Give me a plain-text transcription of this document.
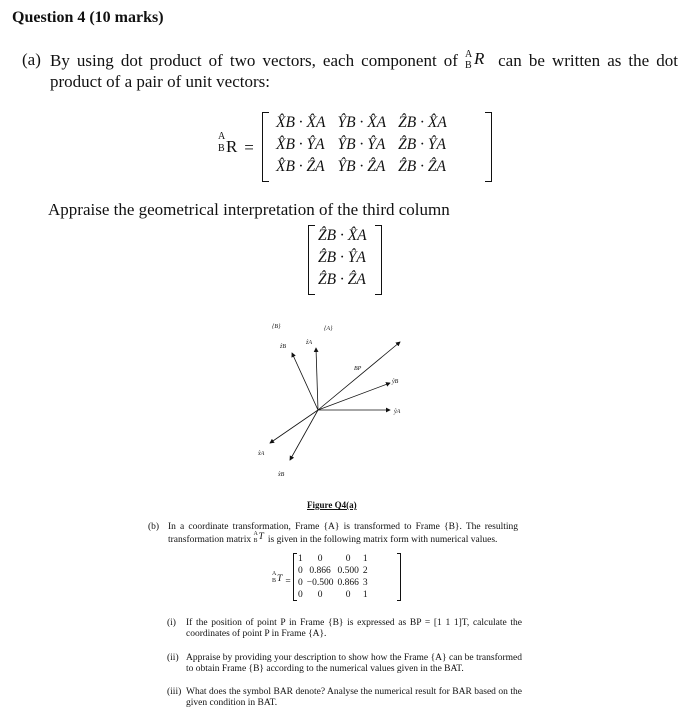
Question 4 (10 marks)
(a) By using dot product of two vectors, each component of A
B R can be written as the dot product of a pair of unit vectors:
A
B R =
X̂B · X̂A	ŶB · X̂A	ẐB · X̂A
X̂B · ŶA	ŶB · ŶA	ẐB · ŶA
X̂B · ẐA	ŶB · ẐA	ẐB · ẐA
Appraise the geometrical interpretation of the third column
ẐB · X̂A
ẐB · ŶA
ẐB · ẐA
{B}	{A}
ẑB
ẑA
BP
ŷB
ŷA
x̂A
x̂B
Figure Q4(a)
(b) In a coordinate transformation, Frame {A} is transformed to Frame {B}. The resulting transformation matrix
A
B T is given in the following matrix form with numerical values.
A
B T =
1	0	0	1
0	0.866	0.500	2
0	−0.500	0.866	3
0	0	0	1
(i) If the position of point P in Frame {B} is expressed as BP = [1 1 1]T, calculate the coordinates of point P in Frame {A}.
(ii) Appraise by providing your description to show how the Frame {A} can be transformed to obtain Frame {B} according to the numerical values given in the BAT.
(iii) What does the symbol BAR denote? Analyse the numerical result for BAR based on the given condition in BAT.
